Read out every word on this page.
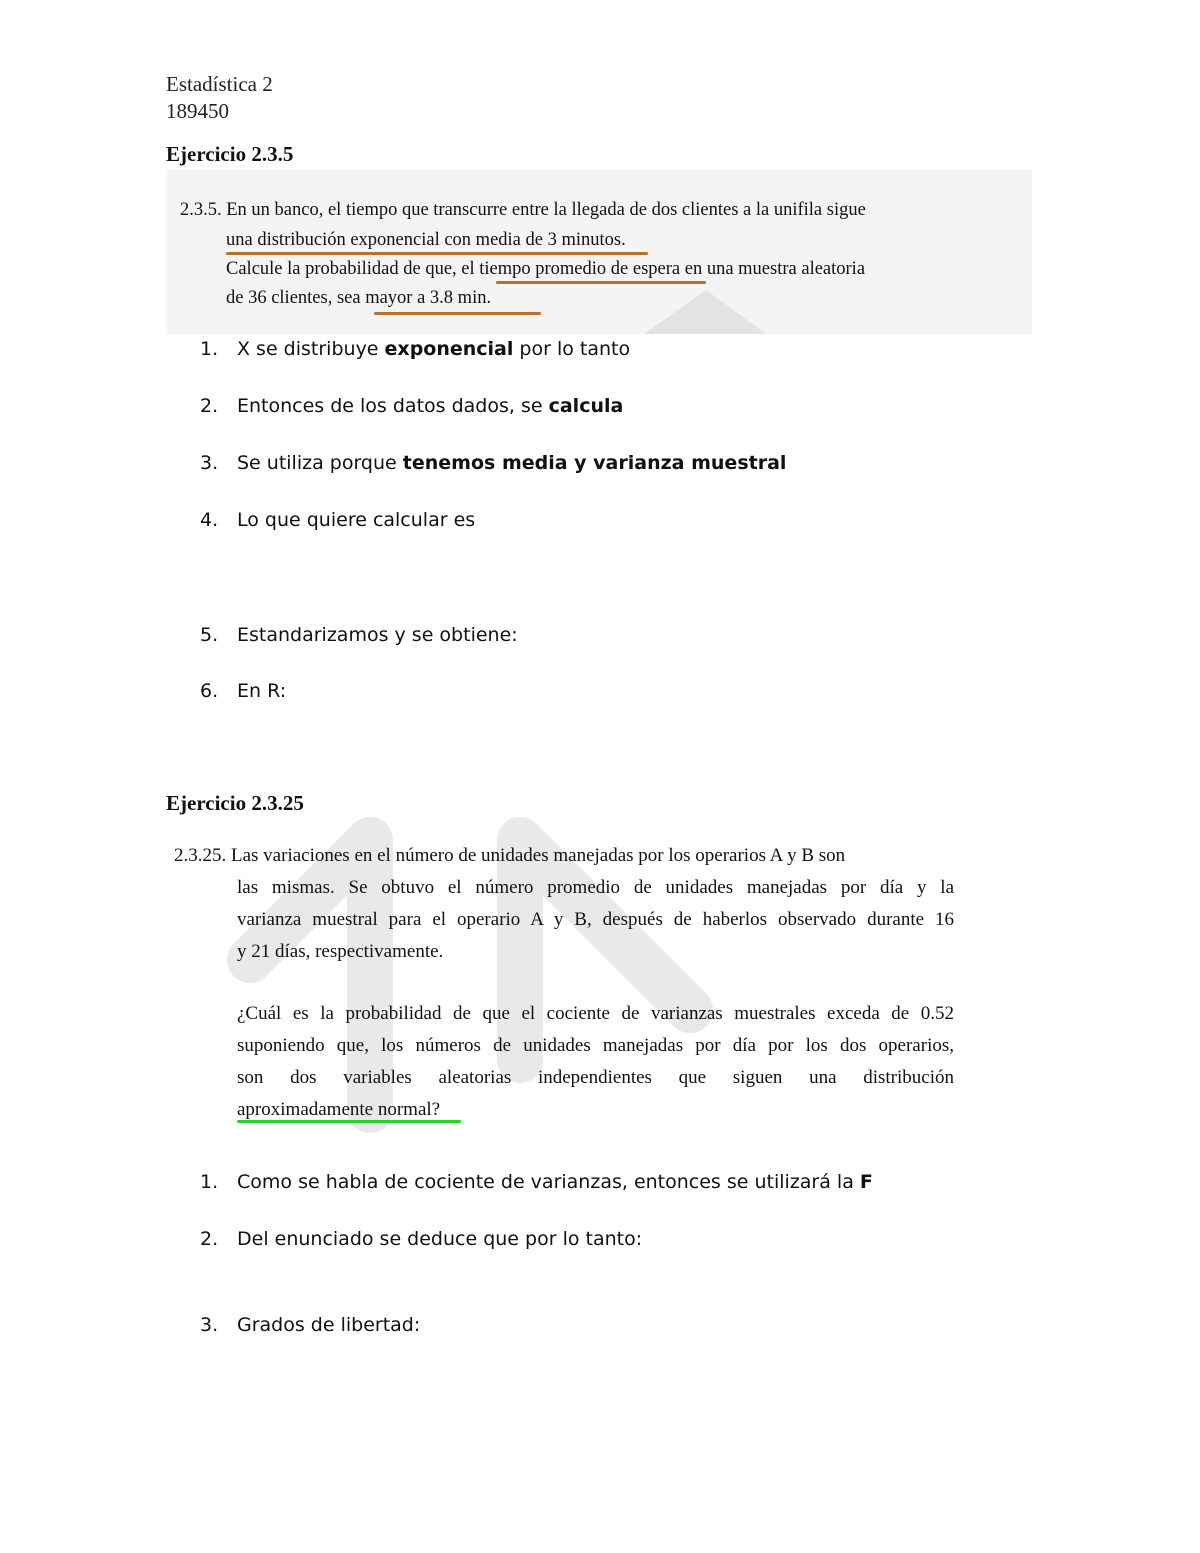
Estadística 2
189450
Ejercicio 2.3.5
2.3.5. En un banco, el tiempo que transcurre entre la llegada de dos clientes a la unifila sigue
una distribución exponencial con media de 3 minutos.
Calcule la probabilidad de que, el tiempo promedio de espera en una muestra aleatoria
de 36 clientes, sea mayor a 3.8 min.
1. X se distribuye exponencial por lo tanto
2. Entonces de los datos dados, se calcula
3. Se utiliza porque tenemos media y varianza muestral
4. Lo que quiere calcular es
5. Estandarizamos y se obtiene:
6. En R:
Ejercicio 2.3.25
2.3.25. Las variaciones en el número de unidades manejadas por los operarios A y B son
las mismas. Se obtuvo el número promedio de unidades manejadas por día y la
varianza muestral para el operario A y B, después de haberlos observado durante 16
y 21 días, respectivamente.
¿Cuál es la probabilidad de que el cociente de varianzas muestrales exceda de 0.52
suponiendo que, los números de unidades manejadas por día por los dos operarios,
son dos variables aleatorias independientes que siguen una distribución
aproximadamente normal?
1. Como se habla de cociente de varianzas, entonces se utilizará la F
2. Del enunciado se deduce que por lo tanto:
3. Grados de libertad:
